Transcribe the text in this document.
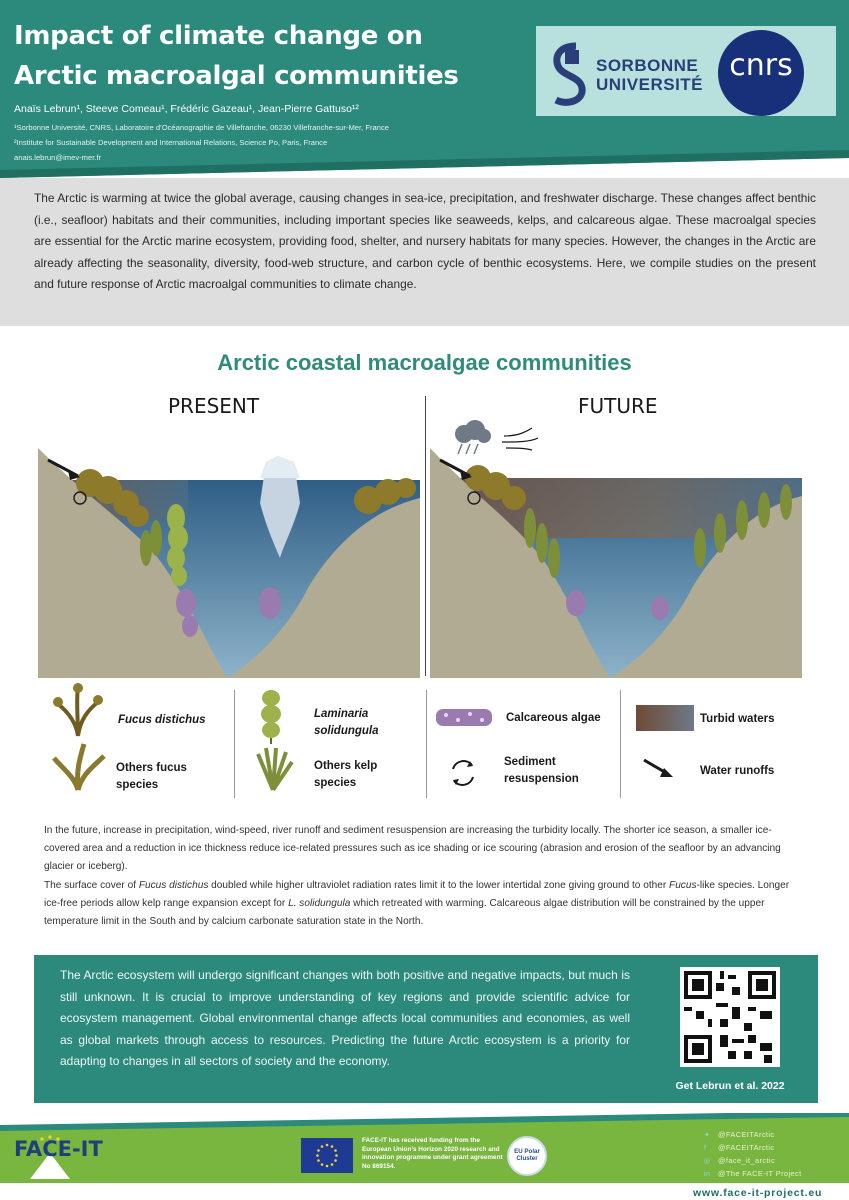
Impact of climate change on
Arctic macroalgal communities
Anaïs Lebrun¹, Steeve Comeau¹, Frédéric Gazeau¹, Jean-Pierre Gattuso¹²
¹Sorbonne Université, CNRS, Laboratoire d’Océanographie de Villefranche, 06230 Villefranche-sur-Mer, France
²Institute for Sustainable Development and International Relations, Science Po, Paris, France
anais.lebrun@imev-mer.fr
SORBONNE
UNIVERSITÉ
cnrs

The Arctic is warming at twice the global average, causing changes in sea-ice, precipitation, and freshwater discharge. These changes affect benthic (i.e., seafloor) habitats and their communities, including important species like seaweeds, kelps, and calcareous algae. These macroalgal species are essential for the Arctic marine ecosystem, providing food, shelter, and nursery habitats for many species. However, the changes in the Arctic are already affecting the seasonality, diversity, food-web structure, and carbon cycle of benthic ecosystems. Here, we compile studies on the present and future response of Arctic macroalgal communities to climate change.

Arctic coastal macroalgae communities
PRESENT	FUTURE
Fucus distichus
Others fucus
species
Laminaria
solidungula
Others kelp
species
Calcareous algae
Sediment
resuspension
Turbid waters
Water runoffs
In the future, increase in precipitation, wind-speed, river runoff and sediment resuspension are increasing the turbidity locally. The shorter ice season, a smaller ice-covered area and a reduction in ice thickness reduce ice-related pressures such as ice shading or ice scouring (abrasion and erosion of the seafloor by an advancing glacier or iceberg).
The surface cover of Fucus distichus doubled while higher ultraviolet radiation rates limit it to the lower intertidal zone giving ground to other Fucus-like species. Longer ice-free periods allow kelp range expansion except for L. solidungula which retreated with warming. Calcareous algae distribution will be constrained by the upper temperature limit in the South and by calcium carbonate saturation state in the North.

The Arctic ecosystem will undergo significant changes with both positive and negative impacts, but much is still unknown. It is crucial to improve understanding of key regions and provide scientific advice for ecosystem management. Global environmental change affects local communities and economies, as well as global markets through access to resources. Predicting the future Arctic ecosystem is a priority for adapting to changes in all sectors of society and the economy.

Get Lebrun et al. 2022
FACE-IT	FACE-IT has received funding from the European Union’s Horizon 2020 research and innovation programme under grant agreement No 869154.
EU Polar
Cluster
✦ @FACEITArctic
f @FACEITArctic
◎ @face_it_arctic
in @The FACE-IT Project
www.face-it-project.eu
